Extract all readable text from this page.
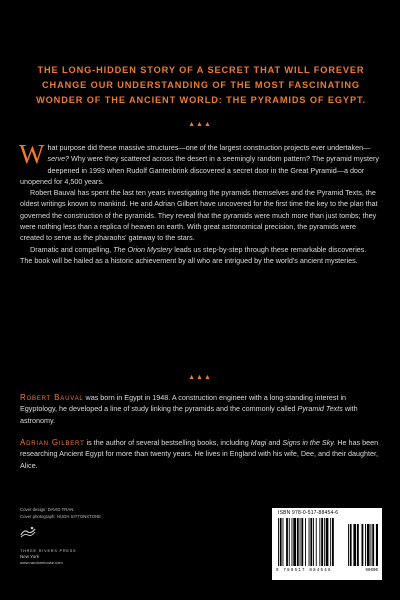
THE LONG-HIDDEN STORY OF A SECRET THAT WILL FOREVER CHANGE OUR UNDERSTANDING OF THE MOST FASCINATING WONDER OF THE ANCIENT WORLD: THE PYRAMIDS OF EGYPT.
▲▲▲

What purpose did these massive structures—one of the largest construction projects ever undertaken—serve? Why were they scattered across the desert in a seemingly random pattern? The pyramid mystery deepened in 1993 when Rudolf Gantenbrink discovered a secret door in the Great Pyramid—a door unopened for 4,500 years.

Robert Bauval has spent the last ten years investigating the pyramids themselves and the Pyramid Texts, the oldest writings known to mankind. He and Adrian Gilbert have uncovered for the first time the key to the plan that governed the construction of the pyramids. They reveal that the pyramids were much more than just tombs; they were nothing less than a replica of heaven on earth. With great astronomical precision, the pyramids were created to serve as the pharaohs' gateway to the stars.

Dramatic and compelling, The Orion Mystery leads us step-by-step through these remarkable discoveries. The book will be hailed as a historic achievement by all who are intrigued by the world's ancient mysteries.

▲▲▲
Robert Bauval was born in Egypt in 1948. A construction engineer with a long-standing interest in Egyptology, he developed a line of study linking the pyramids and the commonly called Pyramid Texts with astronomy.
Adrian Gilbert is the author of several bestselling books, including Magi and Signs in the Sky. He has been researching Ancient Egypt for more than twenty years. He lives in England with his wife, Dee, and their daughter, Alice.
Cover design: DAVID TRAN
Cover photograph: HUGH SITTONSTONE
THREE RIVERS PRESS
New York
www.randomhouse.com
ISBN 978-0-517-88454-6
9 780517 884546	90000
